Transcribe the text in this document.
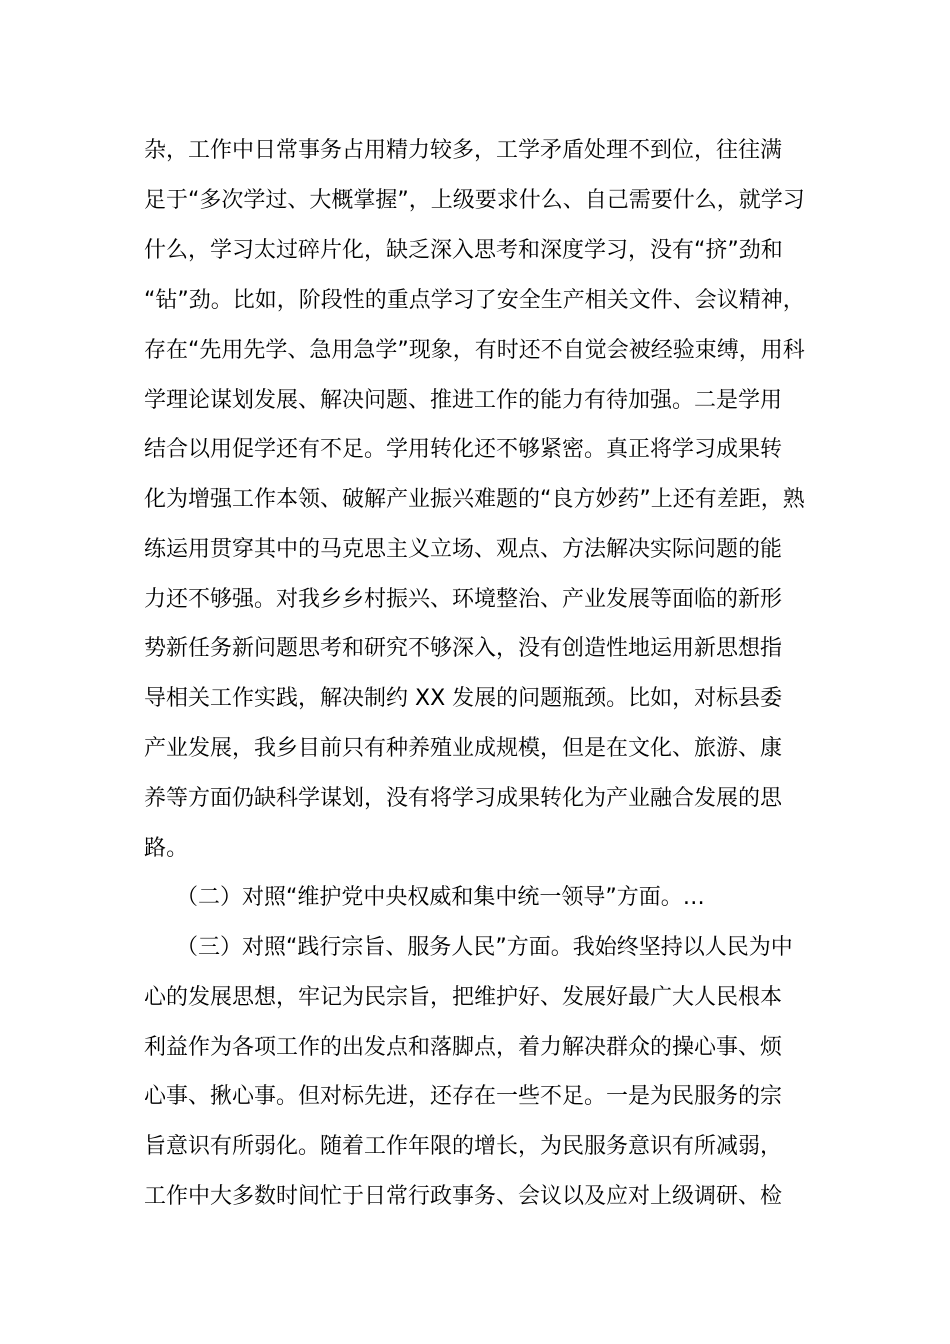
杂，工作中日常事务占用精力较多，工学矛盾处理不到位，往往满
足于“多次学过、大概掌握”，上级要求什么、自己需要什么，就学习
什么，学习太过碎片化，缺乏深入思考和深度学习，没有“挤”劲和
“钻”劲。比如，阶段性的重点学习了安全生产相关文件、会议精神，
存在“先用先学、急用急学”现象，有时还不自觉会被经验束缚，用科
学理论谋划发展、解决问题、推进工作的能力有待加强。二是学用
结合以用促学还有不足。学用转化还不够紧密。真正将学习成果转
化为增强工作本领、破解产业振兴难题的“良方妙药”上还有差距，熟
练运用贯穿其中的马克思主义立场、观点、方法解决实际问题的能
力还不够强。对我乡乡村振兴、环境整治、产业发展等面临的新形
势新任务新问题思考和研究不够深入，没有创造性地运用新思想指
导相关工作实践，解决制约 XX 发展的问题瓶颈。比如，对标县委
产业发展，我乡目前只有种养殖业成规模，但是在文化、旅游、康
养等方面仍缺科学谋划，没有将学习成果转化为产业融合发展的思
路。
（二）对照“维护党中央权威和集中统一领导”方面。…
（三）对照“践行宗旨、服务人民”方面。我始终坚持以人民为中
心的发展思想，牢记为民宗旨，把维护好、发展好最广大人民根本
利益作为各项工作的出发点和落脚点，着力解决群众的操心事、烦
心事、揪心事。但对标先进，还存在一些不足。一是为民服务的宗
旨意识有所弱化。随着工作年限的增长，为民服务意识有所减弱，
工作中大多数时间忙于日常行政事务、会议以及应对上级调研、检
